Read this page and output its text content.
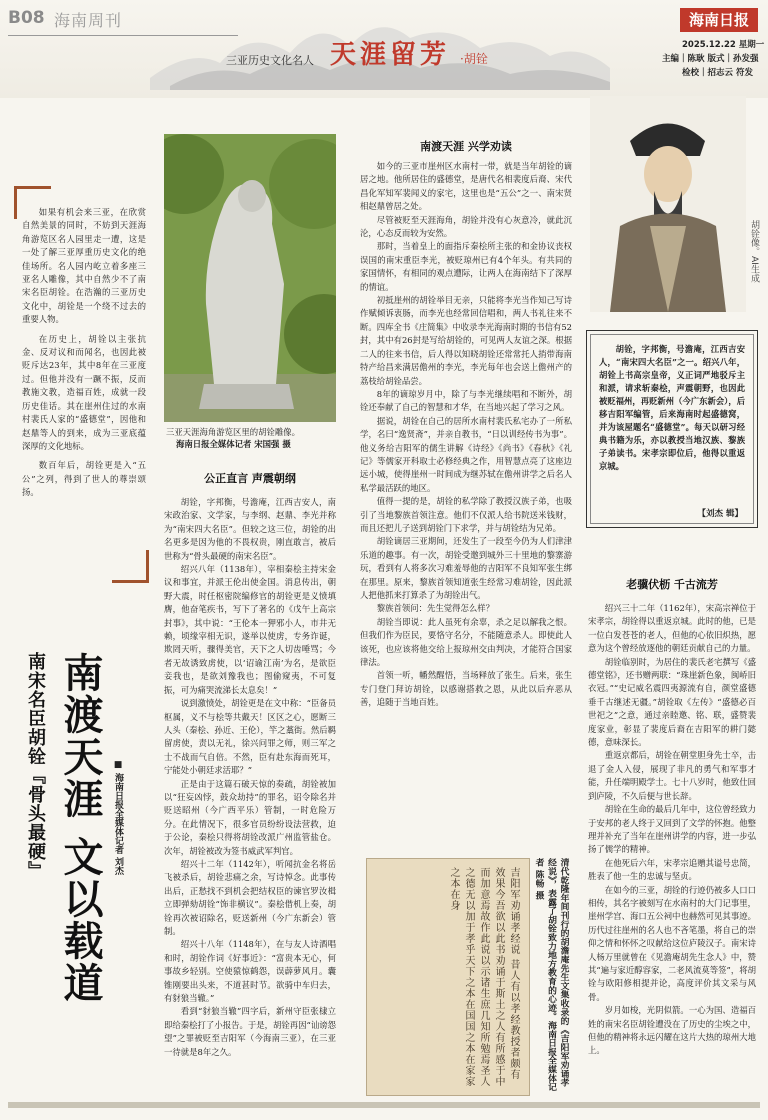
B08 海南周刊
三亚历史文化名人 天涯留芳 ·胡铨
海南日报
2025.12.22 星期一
主编｜陈耿 版式｜孙发强
检校｜招志云 符发

如果有机会来三亚，在欣赏自然美景的同时，不妨到天涯海角游览区名人园里走一遭，这是一处了解三亚厚重历史文化的绝佳场所。名人园内屹立着多座三亚名人雕像，其中自然少不了南宋名臣胡铨。在浩瀚的三亚历史文化中，胡铨是一个绕不过去的重要人物。

在历史上，胡铨以主张抗金、反对议和而闻名，也因此被贬斥达23年，其中8年在三亚度过。但他并没有一蹶不振，反而教施文教，造福百姓，成就一段历史佳话。其在崖州住过的水南村裴氏人家的“盛德堂”，因他和赵鼎等人的到来，成为三亚底蕴深厚的文化地标。

数百年后，胡铨更是入“五公”之列，得到了世人的尊崇颂扬。

南渡天涯 文以载道
南宋名臣胡铨『骨头最硬』	■ 海南日报全媒体记者 刘杰
三亚天涯海角游览区里的胡铨雕像。
海南日报全媒体记者 宋国强 摄
公正直言 声震朝纲

胡铨，字邦衡，号澹庵，江西吉安人，南宋政治家、文学家，与李纲、赵鼎、李光并称为“南宋四大名臣”。但较之这三位，胡铨的出名更多是因为他的不畏权贵，刚直敢言，被后世称为“骨头最硬的南宋名臣”。

绍兴八年（1138年），宰相秦桧主持宋金议和事宜，并派王伦出使金国。消息传出，朝野大震，时任枢密院编修官的胡铨更是义愤填膺，他奋笔疾书，写下了著名的《戊午上高宗封事》，其中说：“王伦本一狎邪小人，市井无赖，顷缘宰相无识，遂举以使虏，专务诈诞，欺罔天听，骤得美官，天下之人切齿唾骂；今者无故诱致虏使，以‘诏谕江南’为名，是欲臣妾我也，是欲刘豫我也；图偷窥夷，不可复振，可为痛哭流涕长太息矣！”

说到激愤处，胡铨更是在文中称：“臣备员枢属，义不与桧等共戴天！区区之心，愿断三人头（秦桧、孙近、王伦），竿之藁街。然后羁留虏使，责以无礼，徐兴问罪之师，则三军之士不战而气自倍。不然，臣有赴东海而死耳，宁能处小朝廷求活耶？”

正是由于这篇石破天惊的奏疏，胡铨被加以“狂妄凶悖，鼓众劫持”的罪名，诏令除名并贬送昭州（今广西平乐）管制，一时危险万分。在此情况下，很多官员纷纷设法营救，迫于公论，秦桧只得将胡铨改派广州监管盐仓。次年，胡铨被改为签书威武军判官。

绍兴十二年（1142年），听闻抗金名将岳飞被杀后，胡铨悲痛之余，写诗悼念。此事传出后，正愁找不到机会把结权臣的谏官罗汝楫立即弹劾胡铨“饰非横议”。秦桧借机上奏，胡铨再次被诏除名，贬送新州（今广东新会）管制。

绍兴十八年（1148年），在与友人诗酒唱和时，胡铨作词《好事近》：“富贵本无心，何事故乡轻别。空使猿惊鹤怨，误薜萝风月。囊锥刚要出头来，不道甚时节。欲骑中车归去，有豺狼当辙。”

看到“豺狼当辙”四字后，新州守臣张棣立即给秦桧打了小报告。于是，胡铨再因“讪谤怨望”之罪被贬至吉阳军（今海南三亚），在三亚一待就是8年之久。

南渡天涯 兴学劝读

如今的三亚市崖州区水南村一带，就是当年胡铨的谪居之地。他所居住的盛德堂，是唐代名相裴度后裔、宋代昌化军知军裴闻义的家宅，这里也是“五公”之一、南宋贤相赵鼎曾居之处。

尽管被贬至天涯海角，胡铨并没有心灰意冷，就此沉沦，心态反而较为安然。

那时，当着皇上的面指斥秦桧所主张的和金协议丧权误国的南宋重臣李光，被贬琼州已有4个年头。有共同的家国情怀，有相同的观点遭际，让两人在海南结下了深厚的情谊。

初抵崖州的胡铨举目无亲，只能将李光当作知己写诗作赋倾诉衷肠，而李光也经常回信唱和，两人书礼往来不断。四库全书《庄简集》中收录李光海南时期的书信有52封，其中有26封是写给胡铨的，可见两人友谊之深。根据二人的往来书信，后人得以知晓胡铨还常常托人捎带海南特产给昌来满居儋州的李光，李光每年也会送上儋州产的荔枝给胡铨品尝。

8年的谪琼岁月中，除了与李光继续唱和不断外，胡铨还奉献了自己的智慧和才华，在当地兴起了学习之风。

据说，胡铨在自己的居所水南村裴氏私宅办了一所私学，名曰“逸贤斋”，并亲自教书，“日以训经传书为事”。他义务给吉阳军的儒生讲解《诗经》《尚书》《春秋》《礼记》等儒家开科取士必修经典之作，用智慧点亮了这座边远小城，使得崖州一时间成为继苏轼在儋州讲学之后名人私学最活跃的地区。

值得一提的是，胡铨的私学除了教授汉族子弟，也吸引了当地黎族首领注意。他们不仅派人给书院送米钱财，而且还把儿子送到胡铨门下求学，并与胡铨结为兄弟。

胡铨谪居三亚期间，还发生了一段至今仍为人们津津乐道的趣事。有一次，胡铨受邀到城外三十里地的黎寨游玩，看到有人将多次习难羞辱他的吉阳军不良知军张生绑在那里。原来，黎族首领知道张生经常习难胡铨，因此派人把他抓来打算杀了为胡铨出气。

黎族首领问：先生觉得怎么样？

胡铨当即说：此人虽死有余辜，杀之足以解我之恨。但我们作为臣民，要恪守名分，不能随意杀人。即使此人该死，也应该将他交给上报琼州交由判决，才能符合国家律法。

首领一听，幡然醒悟，当场释放了张生。后来，张生专门登门拜访胡铨，以感谢搭救之恩，从此以后弃恶从善，追随于当地百姓。

吉阳军劝诵孝经说 昔人有以孝经教授者颇有效果今吾欲以此书劝诵于斯土之人有所感于中而加意焉故作此说以示诸生庶几知所勉焉圣人之德无以加于孝乎天下之本在国国之本在家家之本在身	清代乾隆年间刊行的胡澹庵先生文集收录的《吉阳军劝诵孝经说》，表露了胡铨致力地方教育的心迹。海南日报全媒体记者 陈畅 摄
胡铨像。AI生成

胡铨，字邦衡，号澹庵，江西吉安人，“南宋四大名臣”之一。绍兴八年，胡铨上书高宗皇帝，义正词严地驳斥主和派，请求斩秦桧，声震朝野，也因此被贬福州，再贬新州（今广东新会），后移吉阳军编管，后来海南时起盛德窝，并为该屋题名“盛德堂”。每天以研习经典书籍为乐，亦以教授当地汉族、黎族子弟读书。宋孝宗即位后，他得以重返京城。

【刘杰 辑】
老骥伏枥 千古流芳

绍兴三十二年（1162年），宋高宗禅位于宋孝宗，胡铨得以重返京城。此时的他，已是一位白发苍苍的老人，但他的心依旧炽热，愿意为这个曾经放逐他的朝廷贡献自己的力量。

胡铨临别时，为居住的裴氏老宅撰写《盛德堂铭》，还书赠两联：“珠崖新色象，闽峤旧衣冠。”“史记威名震四夷源流有自，颜堂盛德垂千古继述无疆。”胡铨取《左传》“盛德必百世祀之”之意，通过亲睦邀、铭、联，盛赞裴度家业，彰显了裴度后裔在吉阳军的耕门懿德，意味深长。

重返京都后，胡铨在朝堂胆身先士卒，击退了金人入侵，展现了非凡的勇气和军事才能，升任端明殿学士。七十八岁时，他致仕回到庐陵，不久后便与世长辞。

胡铨在生命的最后几年中，这位曾经致力于安邦的老人终于又回到了文学的怀抱。他整理并补充了当年在崖州讲学的内容，进一步弘扬了儒学的精神。

在他死后六年，宋孝宗追赠其谥号忠简，胜表了他一生的忠诚与坚贞。

在如今的三亚，胡铨的行迹仍被多人口口相传，其名字被刻写在水南村的大门记事里，崖州学宫、海口五公祠中也赫然可见其事迹。历代过往崖州的名人也不吝笔墨，将自己的崇仰之情和怀怀之叹献给这位庐陵汉子。南宋诗人杨万里就曾在《见澹庵胡先生念人》中，赞其“遍与家近醇容家，二老风流莫等签”，将胡铨与欧阳修相提并论，高度评价其文采与风骨。

岁月如梭，光阴似箭。一心为国、造福百姓的南宋名臣胡铨遭没在了历史的尘埃之中，但他的精神将永远闪耀在这片大热的琼州大地上。
